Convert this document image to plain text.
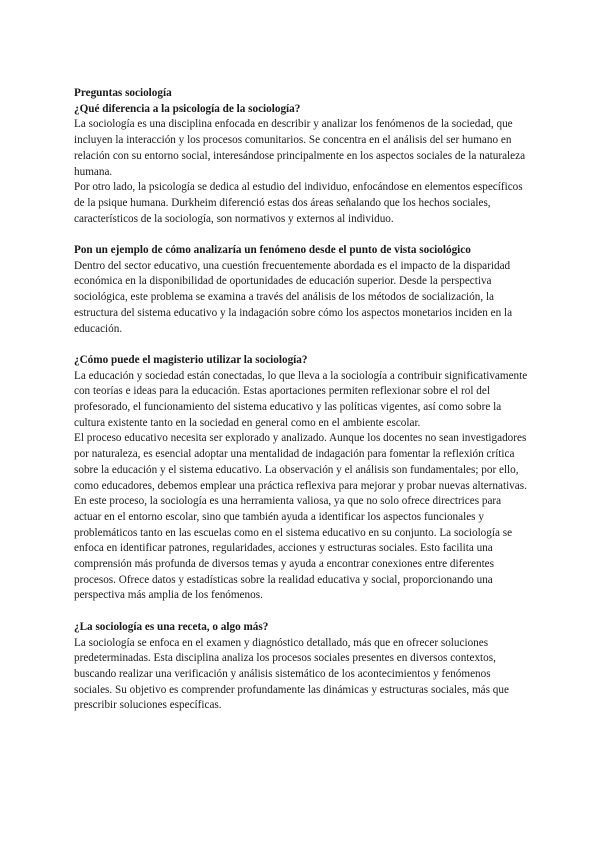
Preguntas sociología

¿Qué diferencia a la psicología de la sociología?

La sociología es una disciplina enfocada en describir y analizar los fenómenos de la sociedad, que incluyen la interacción y los procesos comunitarios. Se concentra en el análisis del ser humano en relación con su entorno social, interesándose principalmente en los aspectos sociales de la naturaleza humana.

Por otro lado, la psicología se dedica al estudio del individuo, enfocándose en elementos específicos de la psique humana. Durkheim diferenció estas dos áreas señalando que los hechos sociales, característicos de la sociología, son normativos y externos al individuo.

Pon un ejemplo de cómo analizaría un fenómeno desde el punto de vista sociológico

Dentro del sector educativo, una cuestión frecuentemente abordada es el impacto de la disparidad económica en la disponibilidad de oportunidades de educación superior. Desde la perspectiva sociológica, este problema se examina a través del análisis de los métodos de socialización, la estructura del sistema educativo y la indagación sobre cómo los aspectos monetarios inciden en la educación.

¿Cómo puede el magisterio utilizar la sociología?

La educación y sociedad están conectadas, lo que lleva a la sociología a contribuir significativamente con teorías e ideas para la educación. Estas aportaciones permiten reflexionar sobre el rol del profesorado, el funcionamiento del sistema educativo y las políticas vigentes, así como sobre la cultura existente tanto en la sociedad en general como en el ambiente escolar.

El proceso educativo necesita ser explorado y analizado. Aunque los docentes no sean investigadores por naturaleza, es esencial adoptar una mentalidad de indagación para fomentar la reflexión crítica sobre la educación y el sistema educativo. La observación y el análisis son fundamentales; por ello, como educadores, debemos emplear una práctica reflexiva para mejorar y probar nuevas alternativas. En este proceso, la sociología es una herramienta valiosa, ya que no solo ofrece directrices para actuar en el entorno escolar, sino que también ayuda a identificar los aspectos funcionales y problemáticos tanto en las escuelas como en el sistema educativo en su conjunto. La sociología se enfoca en identificar patrones, regularidades, acciones y estructuras sociales. Esto facilita una comprensión más profunda de diversos temas y ayuda a encontrar conexiones entre diferentes procesos. Ofrece datos y estadísticas sobre la realidad educativa y social, proporcionando una perspectiva más amplia de los fenómenos.

¿La sociología es una receta, o algo más?

La sociología se enfoca en el examen y diagnóstico detallado, más que en ofrecer soluciones predeterminadas. Esta disciplina analiza los procesos sociales presentes en diversos contextos, buscando realizar una verificación y análisis sistemático de los acontecimientos y fenómenos sociales. Su objetivo es comprender profundamente las dinámicas y estructuras sociales, más que prescribir soluciones específicas.
